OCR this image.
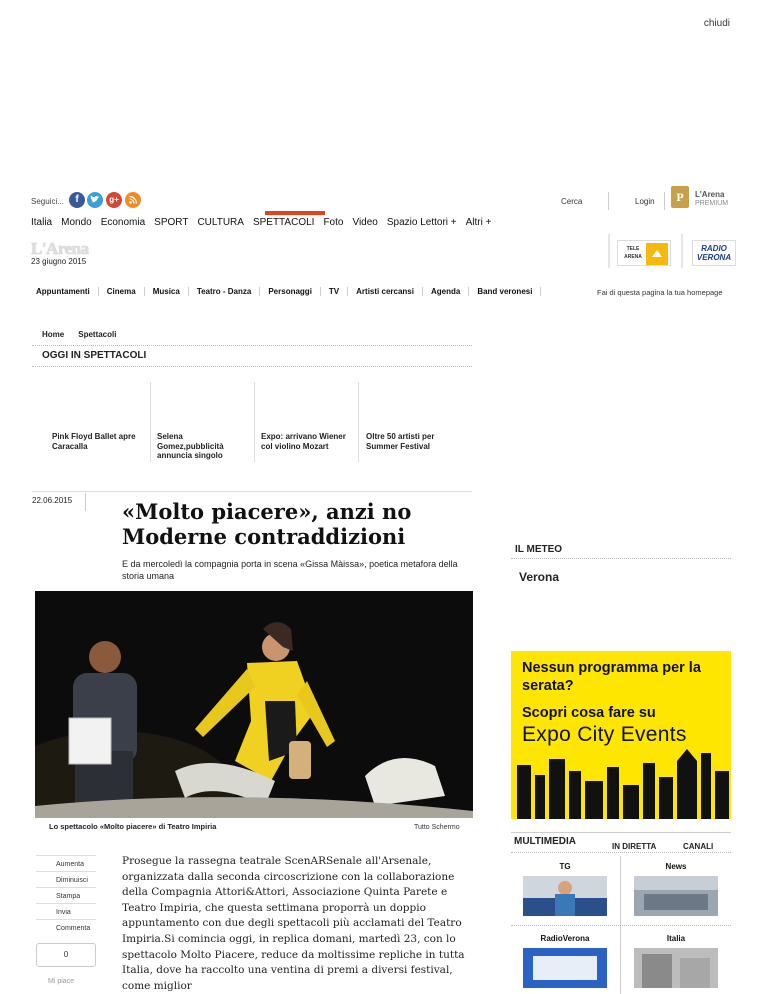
chiudi
Seguici...	f	g+	Cerca	Login	P	L'Arena
PREMIUM
Italia Mondo Economia SPORT CULTURA SPETTACOLI Foto Video Spazio Lettori + Altri +
L'Arena
23 giugno 2015
TELE
ARENA
RADIO
VERONA
Appuntamenti	Cinema	Musica	Teatro - Danza	Personaggi	TV	Artisti cercansi	Agenda	Band veronesi	Fai di questa pagina la tua homepage
Home Spettacoli
OGGI IN SPETTACOLI
Pink Floyd Ballet apre Caracalla
Selena Gomez,pubblicità annuncia singolo
Expo: arrivano Wiener col violino Mozart
Oltre 50 artisti per Summer Festival
22.06.2015 «Molto piacere», anzi no Moderne contraddizioni
E da mercoledì la compagnia porta in scena «Gissa Màissa», poetica metafora della storia umana
Lo spettacolo «Molto piacere» di Teatro Impiria	Tutto Schermo
Aumenta
Diminuisci
Stampa
Invia
Commenta
0
Mi piace
Prosegue la rassegna teatrale ScenARSenale all'Arsenale, organizzata dalla seconda circoscrizione con la collaborazione della Compagnia Attori&Attori, Associazione Quinta Parete e Teatro Impiria, che questa settimana proporrà un doppio appuntamento con due degli spettacoli più acclamati del Teatro Impiria.Si comincia oggi, in replica domani, martedì 23, con lo spettacolo Molto Piacere, reduce da moltissime repliche in tutta Italia, dove ha raccolto una ventina di premi a diversi festival, come miglior
IL METEO
Verona
Nessun programma per la serata?
Scopri cosa fare su
Expo City Events
MULTIMEDIA	IN DIRETTA	CANALI
TG	News
RadioVerona	Italia
